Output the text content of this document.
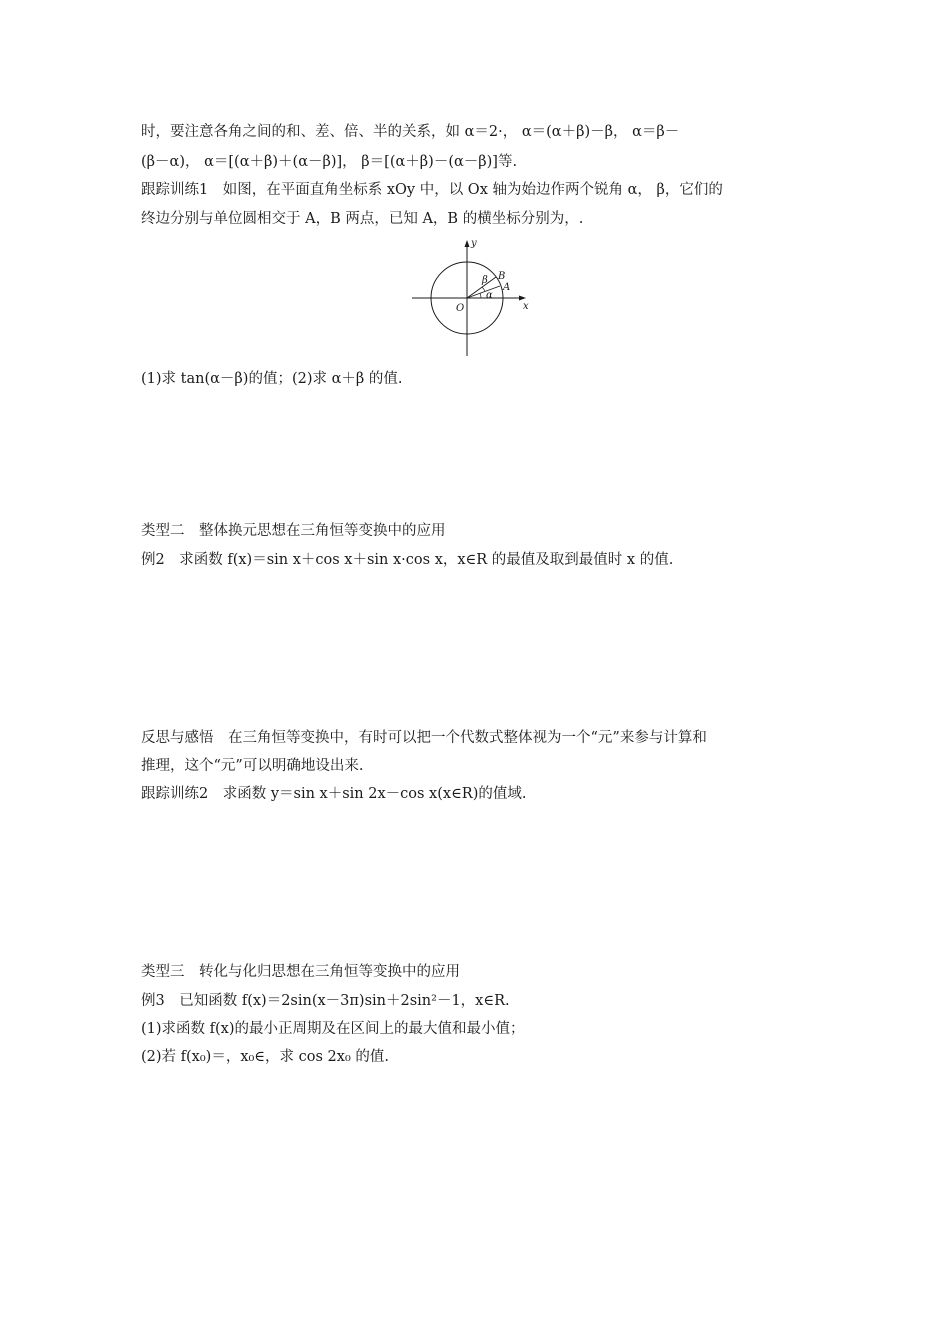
时，要注意各角之间的和、差、倍、半的关系，如 α＝2·， α＝(α＋β)－β， α＝β－
(β－α)， α＝[(α＋β)＋(α－β)]， β＝[(α＋β)－(α－β)]等.
跟踪训练1　如图，在平面直角坐标系 xOy 中，以 Ox 轴为始边作两个锐角 α， β，它们的
终边分别与单位圆相交于 A，B 两点，已知 A，B 的横坐标分别为，.
y
x
O
A
B
α
β
(1)求 tan(α－β)的值；(2)求 α＋β 的值.
类型二　整体换元思想在三角恒等变换中的应用
例2　求函数 f(x)＝sin x＋cos x＋sin x·cos x，x∈R 的最值及取到最值时 x 的值.
反思与感悟　在三角恒等变换中，有时可以把一个代数式整体视为一个“元”来参与计算和
推理，这个“元”可以明确地设出来.
跟踪训练2　求函数 y＝sin x＋sin 2x－cos x(x∈R)的值域.
类型三　转化与化归思想在三角恒等变换中的应用
例3　已知函数 f(x)＝2sin(x－3π)sin＋2sin²－1，x∈R.
(1)求函数 f(x)的最小正周期及在区间上的最大值和最小值；
(2)若 f(x₀)＝，x₀∈，求 cos 2x₀ 的值.
